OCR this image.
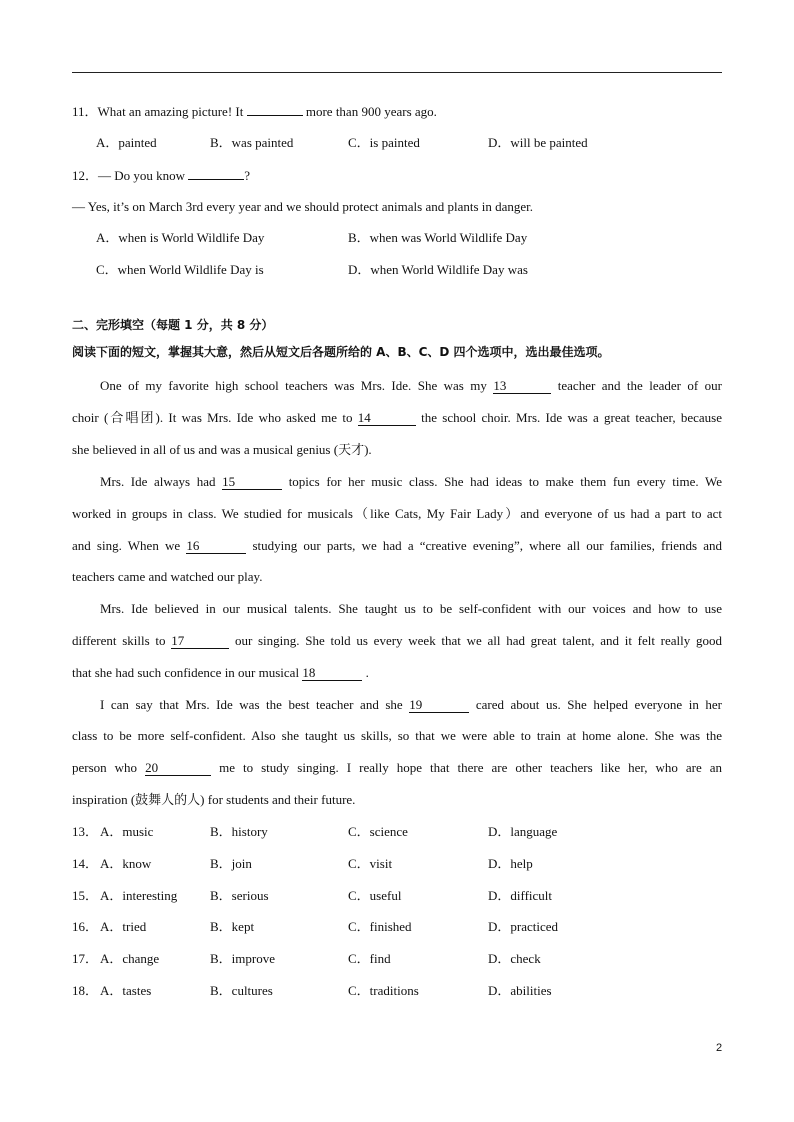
11．What an amazing picture! It	more than 900 years ago.
A．painted	B．was painted	C．is painted	D．will be painted
12．— Do you know	?
— Yes, it’s on March 3rd every year and we should protect animals and plants in danger.
A．when is World Wildlife Day	B．when was World Wildlife Day
C．when World Wildlife Day is	D．when World Wildlife Day was
二、完形填空（每题 1 分，共 8 分）
阅读下面的短文，掌握其大意，然后从短文后各题所给的 A、B、C、D 四个选项中，选出最佳选项。
One of my favorite high school teachers was Mrs. Ide. She was my 13	teacher and the leader of our
choir (合唱团). It was Mrs. Ide who asked me to 14	the school choir. Mrs. Ide was a great teacher, because
she believed in all of us and was a musical genius (天才).
Mrs. Ide always had 15	topics for her music class. She had ideas to make them fun every time. We
worked in groups in class. We studied for musicals（like Cats, My Fair Lady）and everyone of us had a part to act
and sing. When we 16	studying our parts, we had a “creative evening”, where all our families, friends and
teachers came and watched our play.
Mrs. Ide believed in our musical talents. She taught us to be self-confident with our voices and how to use
different skills to 17	our singing. She told us every week that we all had great talent, and it felt really good
that she had such confidence in our musical 18	.
I can say that Mrs. Ide was the best teacher and she 19	cared about us. She helped everyone in her
class to be more self-confident. Also she taught us skills, so that we were able to train at home alone. She was the
person who 20	me to study singing. I really hope that there are other teachers like her, who are an
inspiration (鼓舞人的人) for students and their future.
13． A．music	B．history	C．science	D．language
14． A．know	B．join	C．visit	D．help
15． A．interesting	B．serious	C．useful	D．difficult
16． A．tried	B．kept	C．finished	D．practiced
17． A．change	B．improve	C．find	D．check
18． A．tastes	B．cultures	C．traditions	D．abilities
2
